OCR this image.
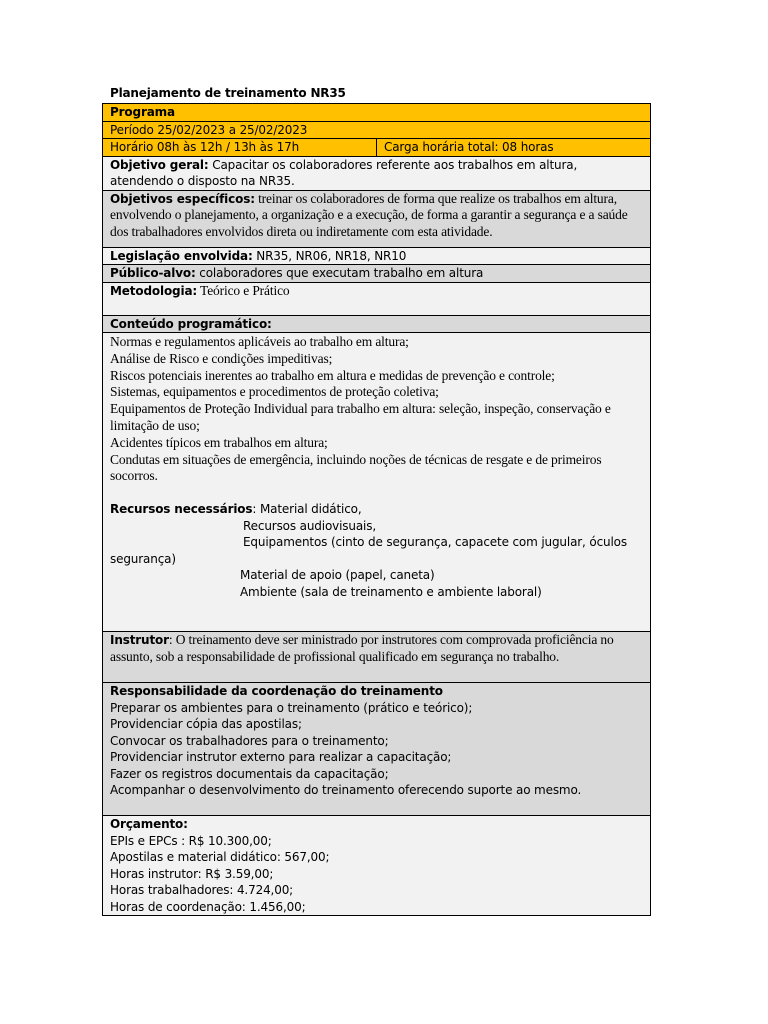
Planejamento de treinamento NR35
Programa
Período 25/02/2023 a 25/02/2023
Horário 08h às 12h / 13h às 17h	Carga horária total: 08 horas
Objetivo geral: Capacitar os colaboradores referente aos trabalhos em altura, atendendo o disposto na NR35.
Objetivos específicos: treinar os colaboradores de forma que realize os trabalhos em altura, envolvendo o planejamento, a organização e a execução, de forma a garantir a segurança e a saúde dos trabalhadores envolvidos direta ou indiretamente com esta atividade.
Legislação envolvida: NR35, NR06, NR18, NR10
Público-alvo: colaboradores que executam trabalho em altura
Metodologia: Teórico e Prático
Conteúdo programático:

Normas e regulamentos aplicáveis ao trabalho em altura;
Análise de Risco e condições impeditivas;
Riscos potenciais inerentes ao trabalho em altura e medidas de prevenção e controle;
Sistemas, equipamentos e procedimentos de proteção coletiva;
Equipamentos de Proteção Individual para trabalho em altura: seleção, inspeção, conservação e limitação de uso;
Acidentes típicos em trabalhos em altura;
Condutas em situações de emergência, incluindo noções de técnicas de resgate e de primeiros socorros.
Recursos necessários: Material didático,
Recursos audiovisuais,
Equipamentos (cinto de segurança, capacete com jugular, óculos
segurança)
Material de apoio (papel, caneta)
Ambiente (sala de treinamento e ambiente laboral)

Instrutor: O treinamento deve ser ministrado por instrutores com comprovada proficiência no assunto, sob a responsabilidade de profissional qualificado em segurança no trabalho.

Responsabilidade da coordenação do treinamento
Preparar os ambientes para o treinamento (prático e teórico);
Providenciar cópia das apostilas;
Convocar os trabalhadores para o treinamento;
Providenciar instrutor externo para realizar a capacitação;
Fazer os registros documentais da capacitação;
Acompanhar o desenvolvimento do treinamento oferecendo suporte ao mesmo.

Orçamento:
EPIs e EPCs : R$ 10.300,00;
Apostilas e material didático: 567,00;
Horas instrutor: R$ 3.59,00;
Horas trabalhadores: 4.724,00;
Horas de coordenação: 1.456,00;
